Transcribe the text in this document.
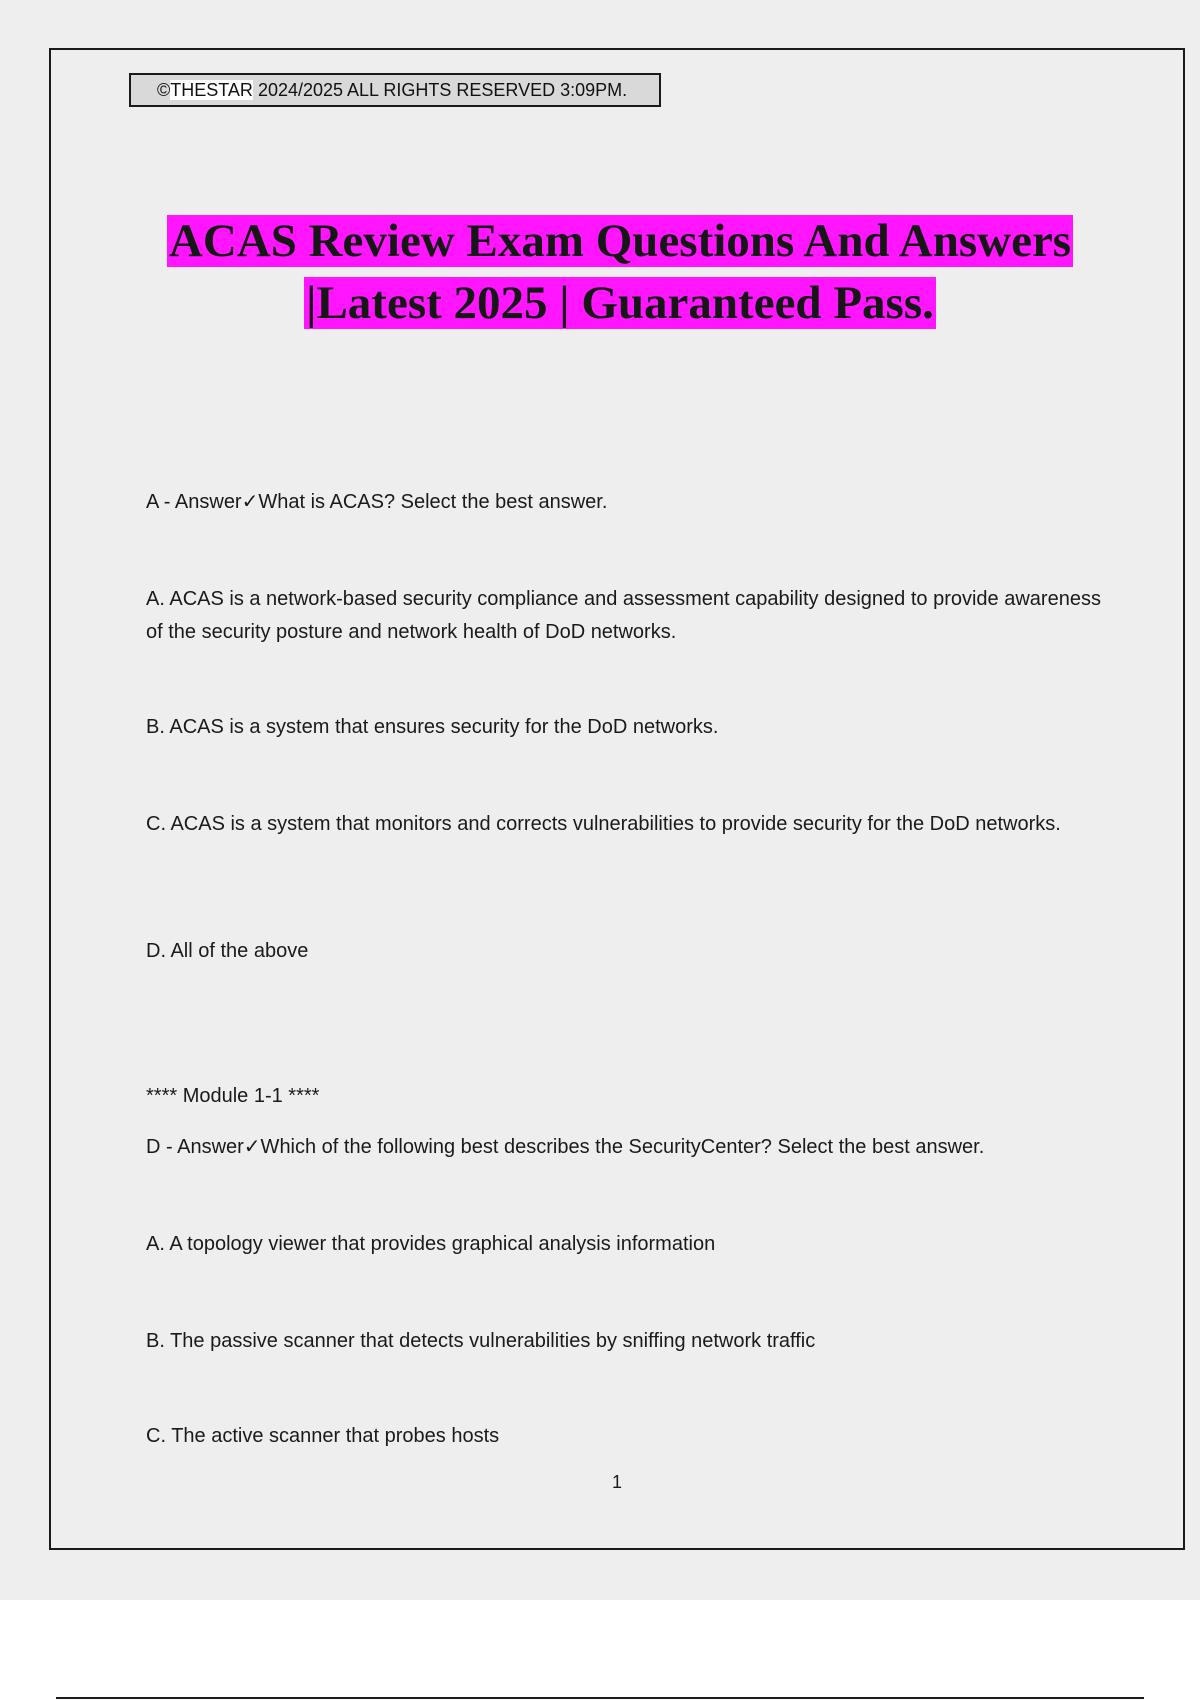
©THESTAR 2024/2025 ALL RIGHTS RESERVED 3:09PM.
ACAS Review Exam Questions And Answers
|Latest 2025 | Guaranteed Pass.

A - Answer✓What is ACAS? Select the best answer.

A. ACAS is a network-based security compliance and assessment capability designed to provide awareness of the security posture and network health of DoD networks.

B. ACAS is a system that ensures security for the DoD networks.

C. ACAS is a system that monitors and corrects vulnerabilities to provide security for the DoD networks.

D. All of the above

**** Module 1-1 ****

D - Answer✓Which of the following best describes the SecurityCenter? Select the best answer.

A. A topology viewer that provides graphical analysis information

B. The passive scanner that detects vulnerabilities by sniffing network traffic

C. The active scanner that probes hosts

1
